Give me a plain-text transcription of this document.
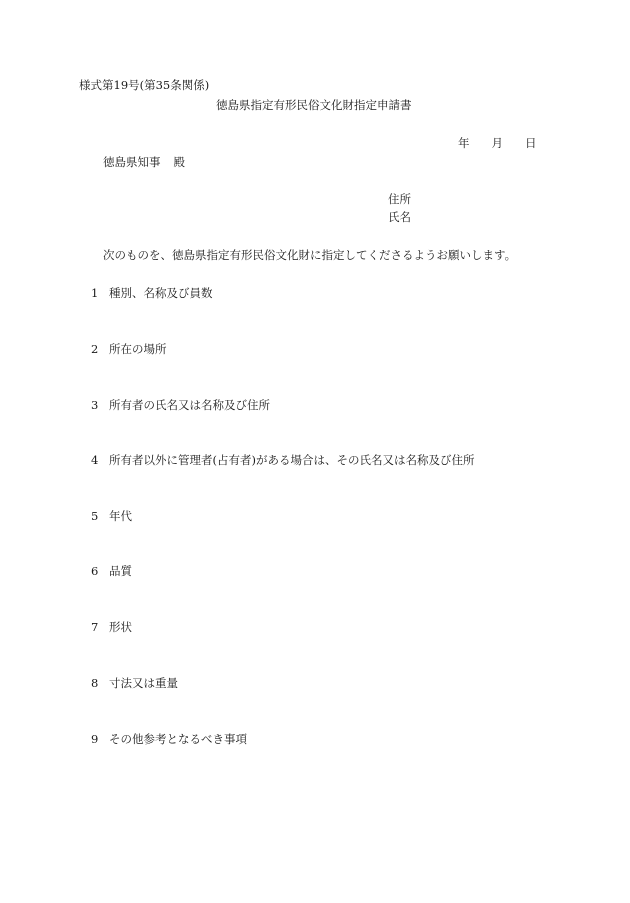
様式第19号(第35条関係)
徳島県指定有形民俗文化財指定申請書
年 月 日
徳島県知事 殿
住所
氏名
次のものを、徳島県指定有形民俗文化財に指定してくださるようお願いします。
1 種別、名称及び員数
2 所在の場所
3 所有者の氏名又は名称及び住所
4 所有者以外に管理者(占有者)がある場合は、その氏名又は名称及び住所
5 年代
6 品質
7 形状
8 寸法又は重量
9 その他参考となるべき事項
